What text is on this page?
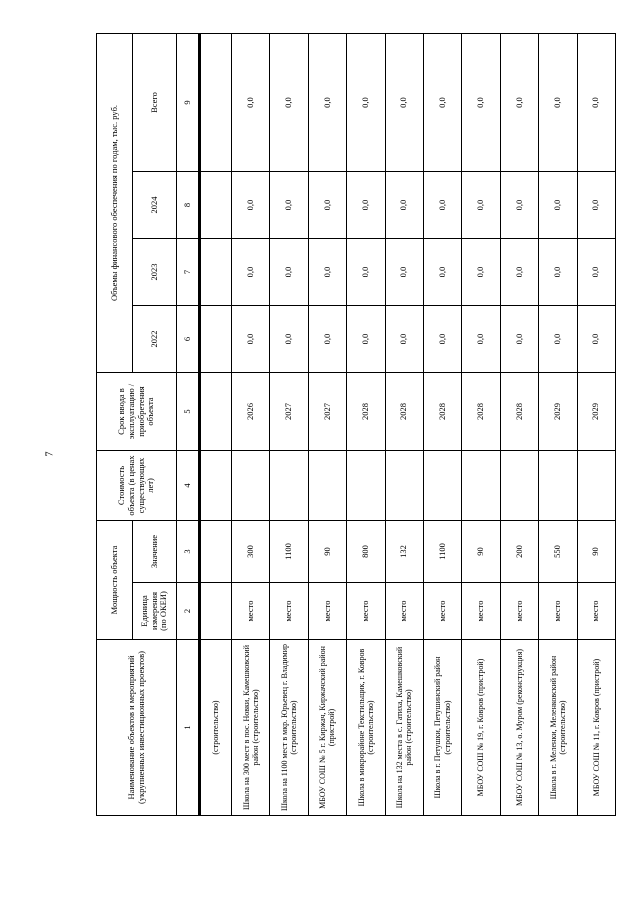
7
Наименование объектов и мероприятий (укрупненных инвестиционных проектов)	Мощность объекта		Стоимость объекта (в ценах существующих лет)	Срок ввода в эксплуатацию / приобретения объекта	Объемы финансового обеспечения по годам, тыс. руб.			
	Единица измерения (по ОКЕИ)	Значение			2022	2023	2024	Всего

1	2	3	4	5	6	7	8	9
(строительство)								
Школа на 300 мест в пос. Новки, Камешковский район (строительство)	место	300		2026	0,0	0,0	0,0	0,0
Школа на 1100 мест в мкр. Юрьевец г. Владимир (строительство)	место	1100		2027	0,0	0,0	0,0	0,0
МБОУ СОШ № 5 г. Киржач, Киржачский район (пристрой)	место	90		2027	0,0	0,0	0,0	0,0
Школа в микрорайоне Текстильщик, г. Ковров (строительство)	место	800		2028	0,0	0,0	0,0	0,0
Школа на 132 места в с. Гатиха, Камешковский район (строительство)	место	132		2028	0,0	0,0	0,0	0,0
Школа в г. Петушки, Петушинский район (строительство)	место	1100		2028	0,0	0,0	0,0	0,0
МБОУ СОШ № 19, г. Ковров (пристрой)	место	90		2028	0,0	0,0	0,0	0,0
МБОУ СОШ № 13, о. Муром (реконструкция)	место	200		2028	0,0	0,0	0,0	0,0
Школа в г. Меленки, Меленковский район (строительство)	место	550		2029	0,0	0,0	0,0	0,0
МБОУ СОШ № 11, г. Ковров (пристрой)	место	90		2029	0,0	0,0	0,0	0,0
